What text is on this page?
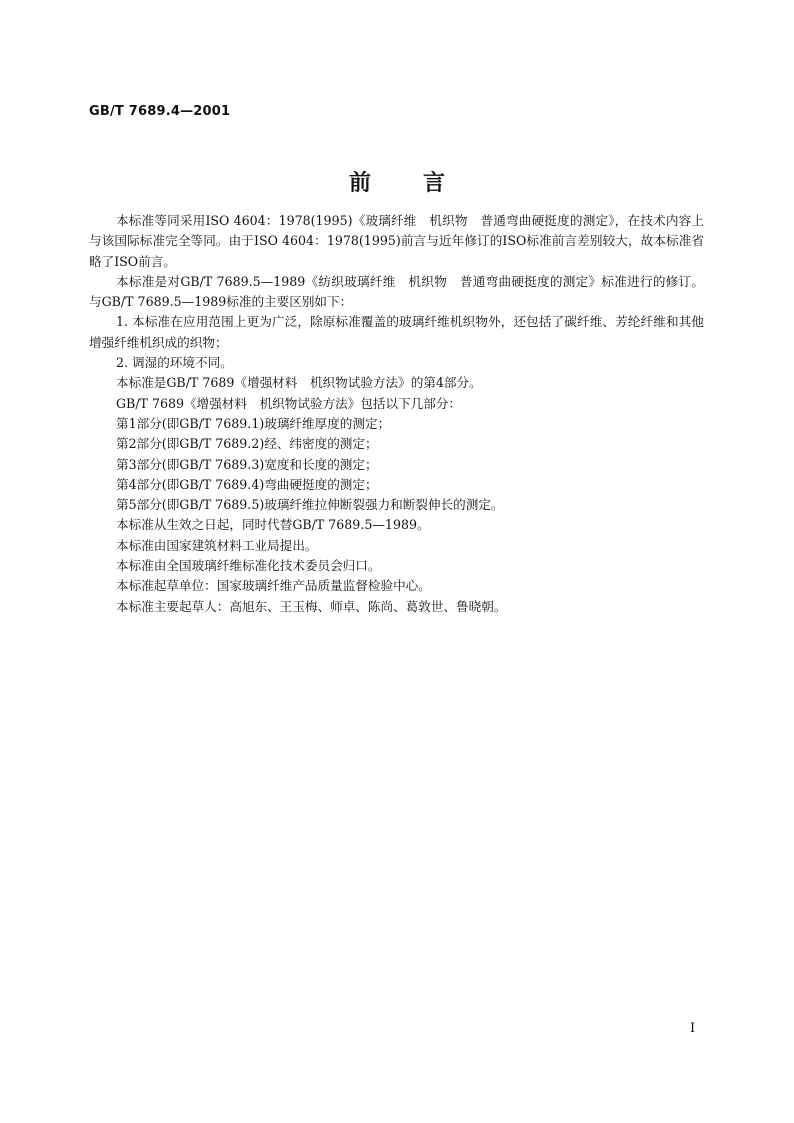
GB/T 7689.4—2001
前言

本标准等同采用ISO 4604：1978(1995)《玻璃纤维　机织物　普通弯曲硬挺度的测定》，在技术内容上与该国际标准完全等同。由于ISO 4604：1978(1995)前言与近年修订的ISO标准前言差别较大，故本标准省略了ISO前言。

本标准是对GB/T 7689.5—1989《纺织玻璃纤维　机织物　普通弯曲硬挺度的测定》标准进行的修订。与GB/T 7689.5—1989标准的主要区别如下：

1. 本标准在应用范围上更为广泛，除原标准覆盖的玻璃纤维机织物外，还包括了碳纤维、芳纶纤维和其他增强纤维机织成的织物；

2. 调湿的环境不同。

本标准是GB/T 7689《增强材料　机织物试验方法》的第4部分。

GB/T 7689《增强材料　机织物试验方法》包括以下几部分：

第1部分(即GB/T 7689.1)玻璃纤维厚度的测定；

第2部分(即GB/T 7689.2)经、纬密度的测定；

第3部分(即GB/T 7689.3)宽度和长度的测定；

第4部分(即GB/T 7689.4)弯曲硬挺度的测定；

第5部分(即GB/T 7689.5)玻璃纤维拉伸断裂强力和断裂伸长的测定。

本标准从生效之日起，同时代替GB/T 7689.5—1989。

本标准由国家建筑材料工业局提出。

本标准由全国玻璃纤维标准化技术委员会归口。

本标准起草单位：国家玻璃纤维产品质量监督检验中心。

本标准主要起草人：高旭东、王玉梅、师卓、陈尚、葛敦世、鲁晓朝。

I
